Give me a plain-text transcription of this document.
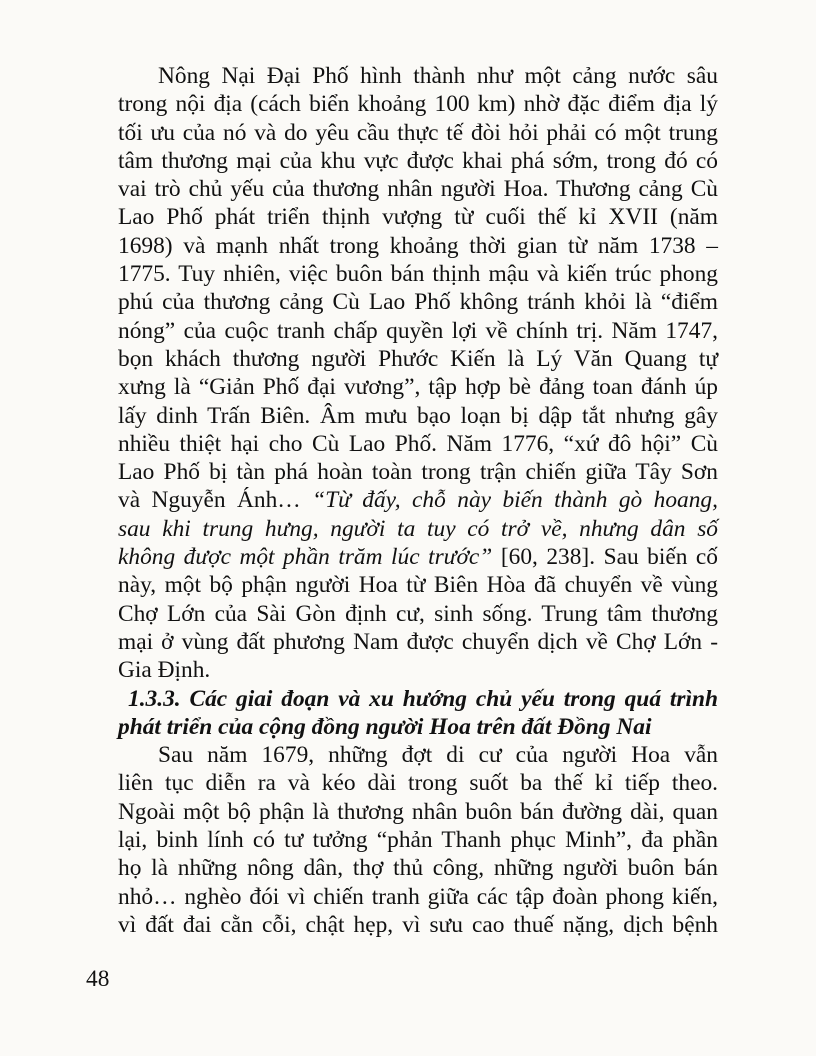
Nông Nại Đại Phố hình thành như một cảng nước sâu
trong nội địa (cách biển khoảng 100 km) nhờ đặc điểm địa lý
tối ưu của nó và do yêu cầu thực tế đòi hỏi phải có một trung
tâm thương mại của khu vực được khai phá sớm, trong đó có
vai trò chủ yếu của thương nhân người Hoa. Thương cảng Cù
Lao Phố phát triển thịnh vượng từ cuối thế kỉ XVII (năm
1698) và mạnh nhất trong khoảng thời gian từ năm 1738 –
1775. Tuy nhiên, việc buôn bán thịnh mậu và kiến trúc phong
phú của thương cảng Cù Lao Phố không tránh khỏi là “điểm
nóng” của cuộc tranh chấp quyền lợi về chính trị. Năm 1747,
bọn khách thương người Phước Kiến là Lý Văn Quang tự
xưng là “Giản Phố đại vương”, tập hợp bè đảng toan đánh úp
lấy dinh Trấn Biên. Âm mưu bạo loạn bị dập tắt nhưng gây
nhiều thiệt hại cho Cù Lao Phố. Năm 1776, “xứ đô hội” Cù
Lao Phố bị tàn phá hoàn toàn trong trận chiến giữa Tây Sơn
và Nguyễn Ánh… “Từ đấy, chỗ này biến thành gò hoang,
sau khi trung hưng, người ta tuy có trở về, nhưng dân số
không được một phần trăm lúc trước” [60, 238]. Sau biến cố
này, một bộ phận người Hoa từ Biên Hòa đã chuyển về vùng
Chợ Lớn của Sài Gòn định cư, sinh sống. Trung tâm thương
mại ở vùng đất phương Nam được chuyển dịch về Chợ Lớn -
Gia Định.
1.3.3. Các giai đoạn và xu hướng chủ yếu trong quá trình
phát triển của cộng đồng người Hoa trên đất Đồng Nai
Sau năm 1679, những đợt di cư của người Hoa vẫn
liên tục diễn ra và kéo dài trong suốt ba thế kỉ tiếp theo.
Ngoài một bộ phận là thương nhân buôn bán đường dài, quan
lại, binh lính có tư tưởng “phản Thanh phục Minh”, đa phần
họ là những nông dân, thợ thủ công, những người buôn bán
nhỏ… nghèo đói vì chiến tranh giữa các tập đoàn phong kiến,
vì đất đai cằn cỗi, chật hẹp, vì sưu cao thuế nặng, dịch bệnh
48
